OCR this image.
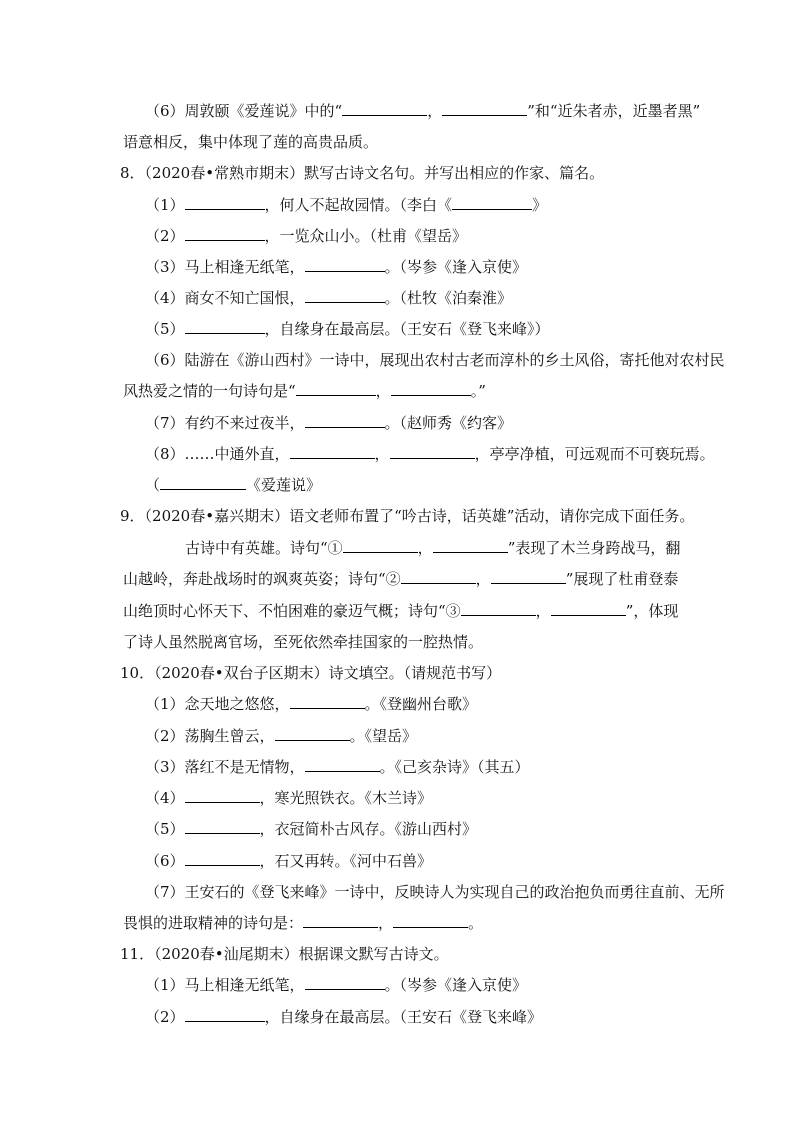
（6）周敦颐《爱莲说》中的“	，	”和“近朱者赤，近墨者黑”
语意相反，集中体现了莲的高贵品质。
8．（2020春•常熟市期末）默写古诗文名句。并写出相应的作家、篇名。
（1）	，何人不起故园情。（李白《	》
（2）	，一览众山小。（杜甫《望岳》
（3）马上相逢无纸笔，	。（岑参《逢入京使》
（4）商女不知亡国恨，	。（杜牧《泊秦淮》
（5）	，自缘身在最高层。（王安石《登飞来峰》）
（6）陆游在《游山西村》一诗中，展现出农村古老而淳朴的乡土风俗，寄托他对农村民
风热爱之情的一句诗句是“	，	。”
（7）有约不来过夜半，	。（赵师秀《约客》
（8）……中通外直，	，	，亭亭净植，可远观而不可亵玩焉。
（	《爱莲说》
9．（2020春•嘉兴期末）语文老师布置了“吟古诗，话英雄”活动，请你完成下面任务。
古诗中有英雄。诗句“①	，	”表现了木兰身跨战马，翻
山越岭，奔赴战场时的飒爽英姿；诗句“②	，	”展现了杜甫登泰
山绝顶时心怀天下、不怕困难的豪迈气概；诗句“③	，	”，体现
了诗人虽然脱离官场，至死依然牵挂国家的一腔热情。
10．（2020春•双台子区期末）诗文填空。（请规范书写）
（1）念天地之悠悠，	。《登幽州台歌》
（2）荡胸生曾云，	。《望岳》
（3）落红不是无情物，	。《己亥杂诗》（其五）
（4）	，寒光照铁衣。《木兰诗》
（5）	，衣冠简朴古风存。《游山西村》
（6）	，石又再转。《河中石兽》
（7）王安石的《登飞来峰》一诗中，反映诗人为实现自己的政治抱负而勇往直前、无所
畏惧的进取精神的诗句是：	，	。
11．（2020春•汕尾期末）根据课文默写古诗文。
（1）马上相逢无纸笔，	。（岑参《逢入京使》
（2）	，自缘身在最高层。（王安石《登飞来峰》
